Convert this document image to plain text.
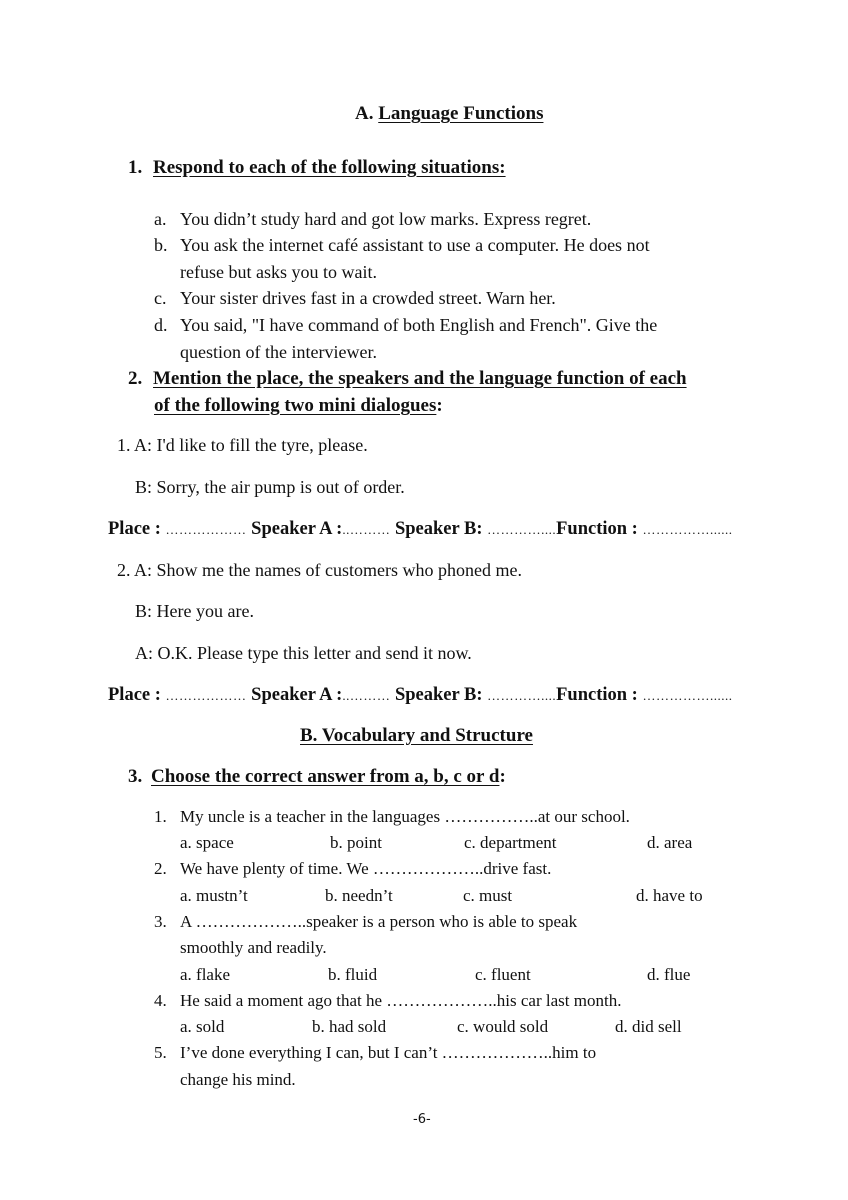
A. Language Functions
1. Respond to each of the following situations:
a. You didn’t study hard and got low marks. Express regret.
b. You ask the internet café assistant to use a computer. He does not
refuse but asks you to wait.
c. Your sister drives fast in a crowded street. Warn her.
d. You said, "I have command of both English and French". Give the
question of the interviewer.
2. Mention the place, the speakers and the language function of each
of the following two mini dialogues:
1. A: I'd like to fill the tyre, please.
B: Sorry, the air pump is out of order.
Place : ……………… Speaker A :..……… Speaker B: …………....Function : ……………......
2. A: Show me the names of customers who phoned me.
B: Here you are.
A: O.K. Please type this letter and send it now.
Place : ……………… Speaker A :..……… Speaker B: …………....Function : ……………......
B. Vocabulary and Structure
3. Choose the correct answer from a, b, c or d:
1. My uncle is a teacher in the languages ……………..at our school.
a. space	b. point	c. department	d. area
2. We have plenty of time. We ………………..drive fast.
a. mustn’t	b. needn’t	c. must	d. have to
3. A ………………..speaker is a person who is able to speak
smoothly and readily.
a. flake	b. fluid	c. fluent	d. flue
4. He said a moment ago that he ………………..his car last month.
a. sold	b. had sold	c. would sold	d. did sell
5. I’ve done everything I can, but I can’t ………………..him to
change his mind.
-6-
